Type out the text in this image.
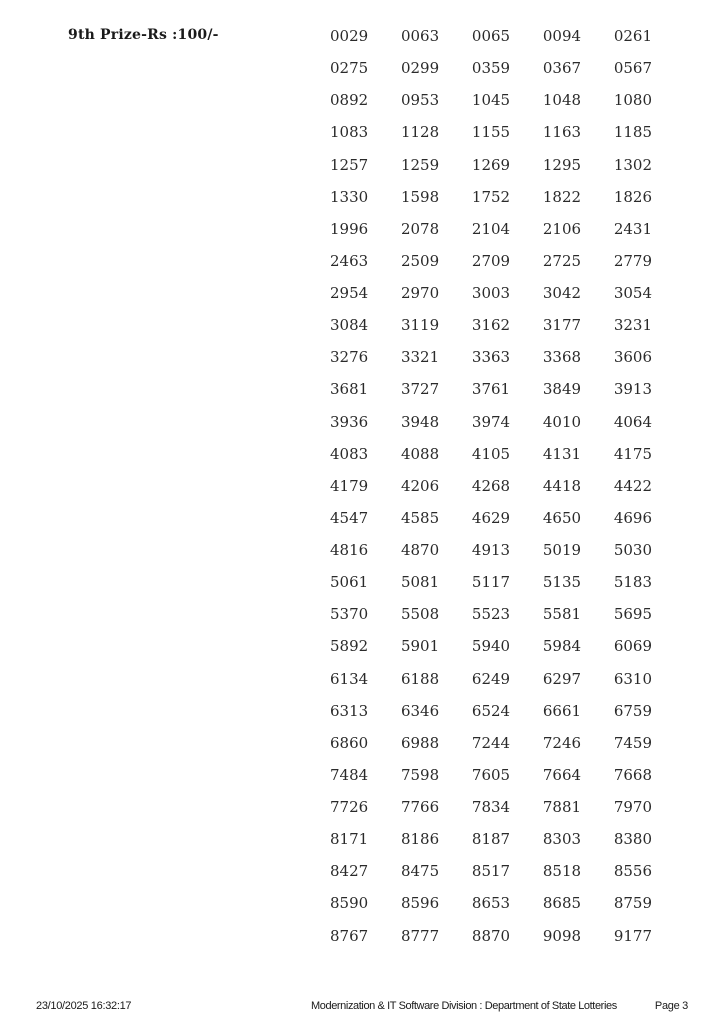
9th Prize-Rs :100/-	0029 0063 0065 0094 0261
0275 0299 0359 0367 0567
0892 0953 1045 1048 1080
1083 1128 1155 1163 1185
1257 1259 1269 1295 1302
1330 1598 1752 1822 1826
1996 2078 2104 2106 2431
2463 2509 2709 2725 2779
2954 2970 3003 3042 3054
3084 3119 3162 3177 3231
3276 3321 3363 3368 3606
3681 3727 3761 3849 3913
3936 3948 3974 4010 4064
4083 4088 4105 4131 4175
4179 4206 4268 4418 4422
4547 4585 4629 4650 4696
4816 4870 4913 5019 5030
5061 5081 5117 5135 5183
5370 5508 5523 5581 5695
5892 5901 5940 5984 6069
6134 6188 6249 6297 6310
6313 6346 6524 6661 6759
6860 6988 7244 7246 7459
7484 7598 7605 7664 7668
7726 7766 7834 7881 7970
8171 8186 8187 8303 8380
8427 8475 8517 8518 8556
8590 8596 8653 8685 8759
8767 8777 8870 9098 9177
23/10/2025 16:32:17	Modernization & IT Software Division : Department of State Lotteries	Page 3
